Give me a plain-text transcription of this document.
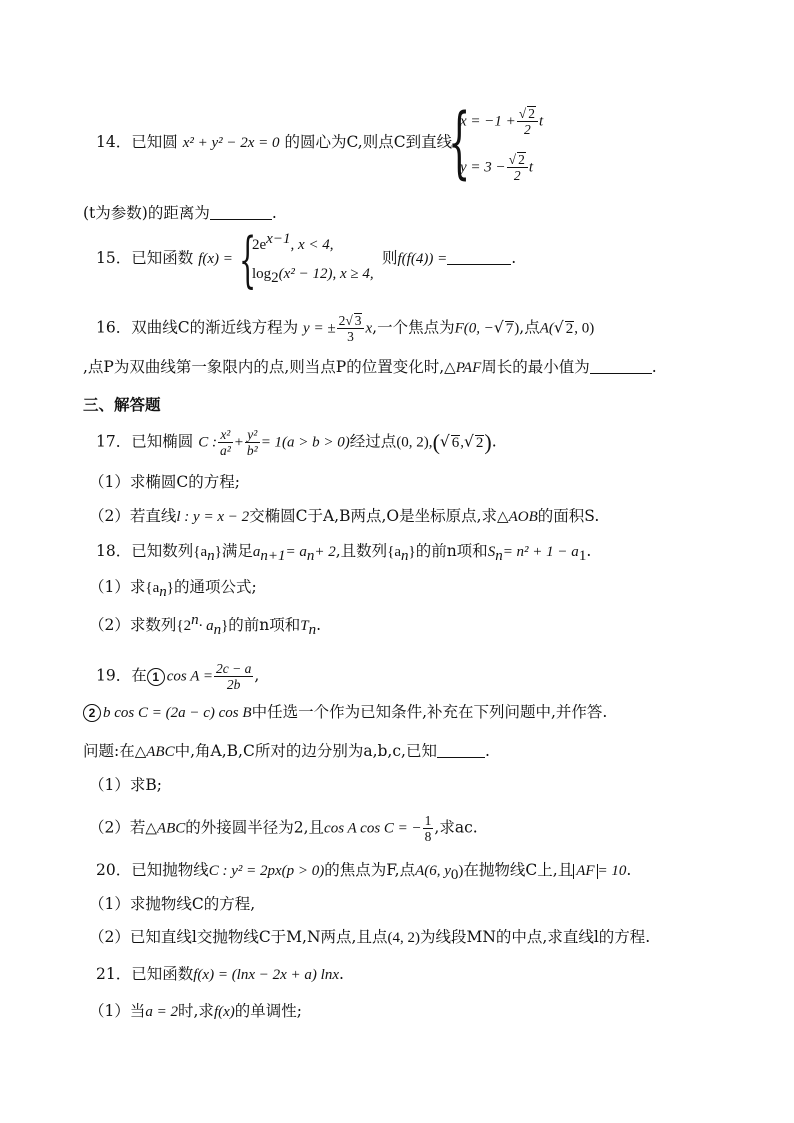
14．已知圆 x² + y² − 2x = 0 的圆心为C,则点C到直线
{
$x = -1 + \frac{√ 2}{2}$ t
$y = 3 - \frac{√ 2}{2}$ t
(t为参数)的距离为	.
15．已知函数 f(x) = {
$2e^{x-1}$, x < 4,
$\log_2(x^2 - 12)$, x ≥ 4,
则f(f(4)) =	.
16．双曲线C的渐近线方程为 y = ± $\frac{2√ 3}{3} x$,一个焦点为F(0, −√ 7),点A(√ 2, 0)
,点P为双曲线第一象限内的点,则当点P的位置变化时,△PAF周长的最小值为	.
三、解答题
17．已知椭圆 C : $\frac{\text{x²}}{\text{a²}} + \frac{\text{y²}}{\text{b²}} = 1(a > b > 0)$经过点(0, 2),(√ 6,√ 2).
（1）求椭圆C的方程;
（2）若直线l : y = x − 2交椭圆C于A,B两点,O是坐标原点,求△AOB的面积S.
18．已知数列$\{a_n\}$满足$a_{n+1}= a_n+ 2$,且数列$\{a_n\}$的前n项和$S_n= n^2 + 1 - a_1$.
（1）求$\{a_n\}$的通项公式;
（2）求数列$\{2^n\cdot a_n\}$的前n项和$T_n$.
19．在 1 $\cos A = \frac{2c - a}{2b}$ ,
2 b cos C = (2a − c) cos B中任选一个作为已知条件,补充在下列问题中,并作答.
问题:在△ABC中,角A,B,C所对的边分别为a,b,c,已知	.
（1）求B;
（2）若△ABC的外接圆半径为2,且cos A cos C = − $\frac{1}{8}$ ,求ac.
20．已知抛物线C : y² = 2px(p > 0)的焦点为F,点A(6, $y_0$)在抛物线C上,且 AF = 10.
（1）求抛物线C的方程,
（2）已知直线l交抛物线C于M,N两点,且点(4, 2)为线段MN的中点,求直线l的方程.
21．已知函数f(x) = (lnx − 2x + a) lnx.
（1）当a = 2时,求f(x)的单调性;
